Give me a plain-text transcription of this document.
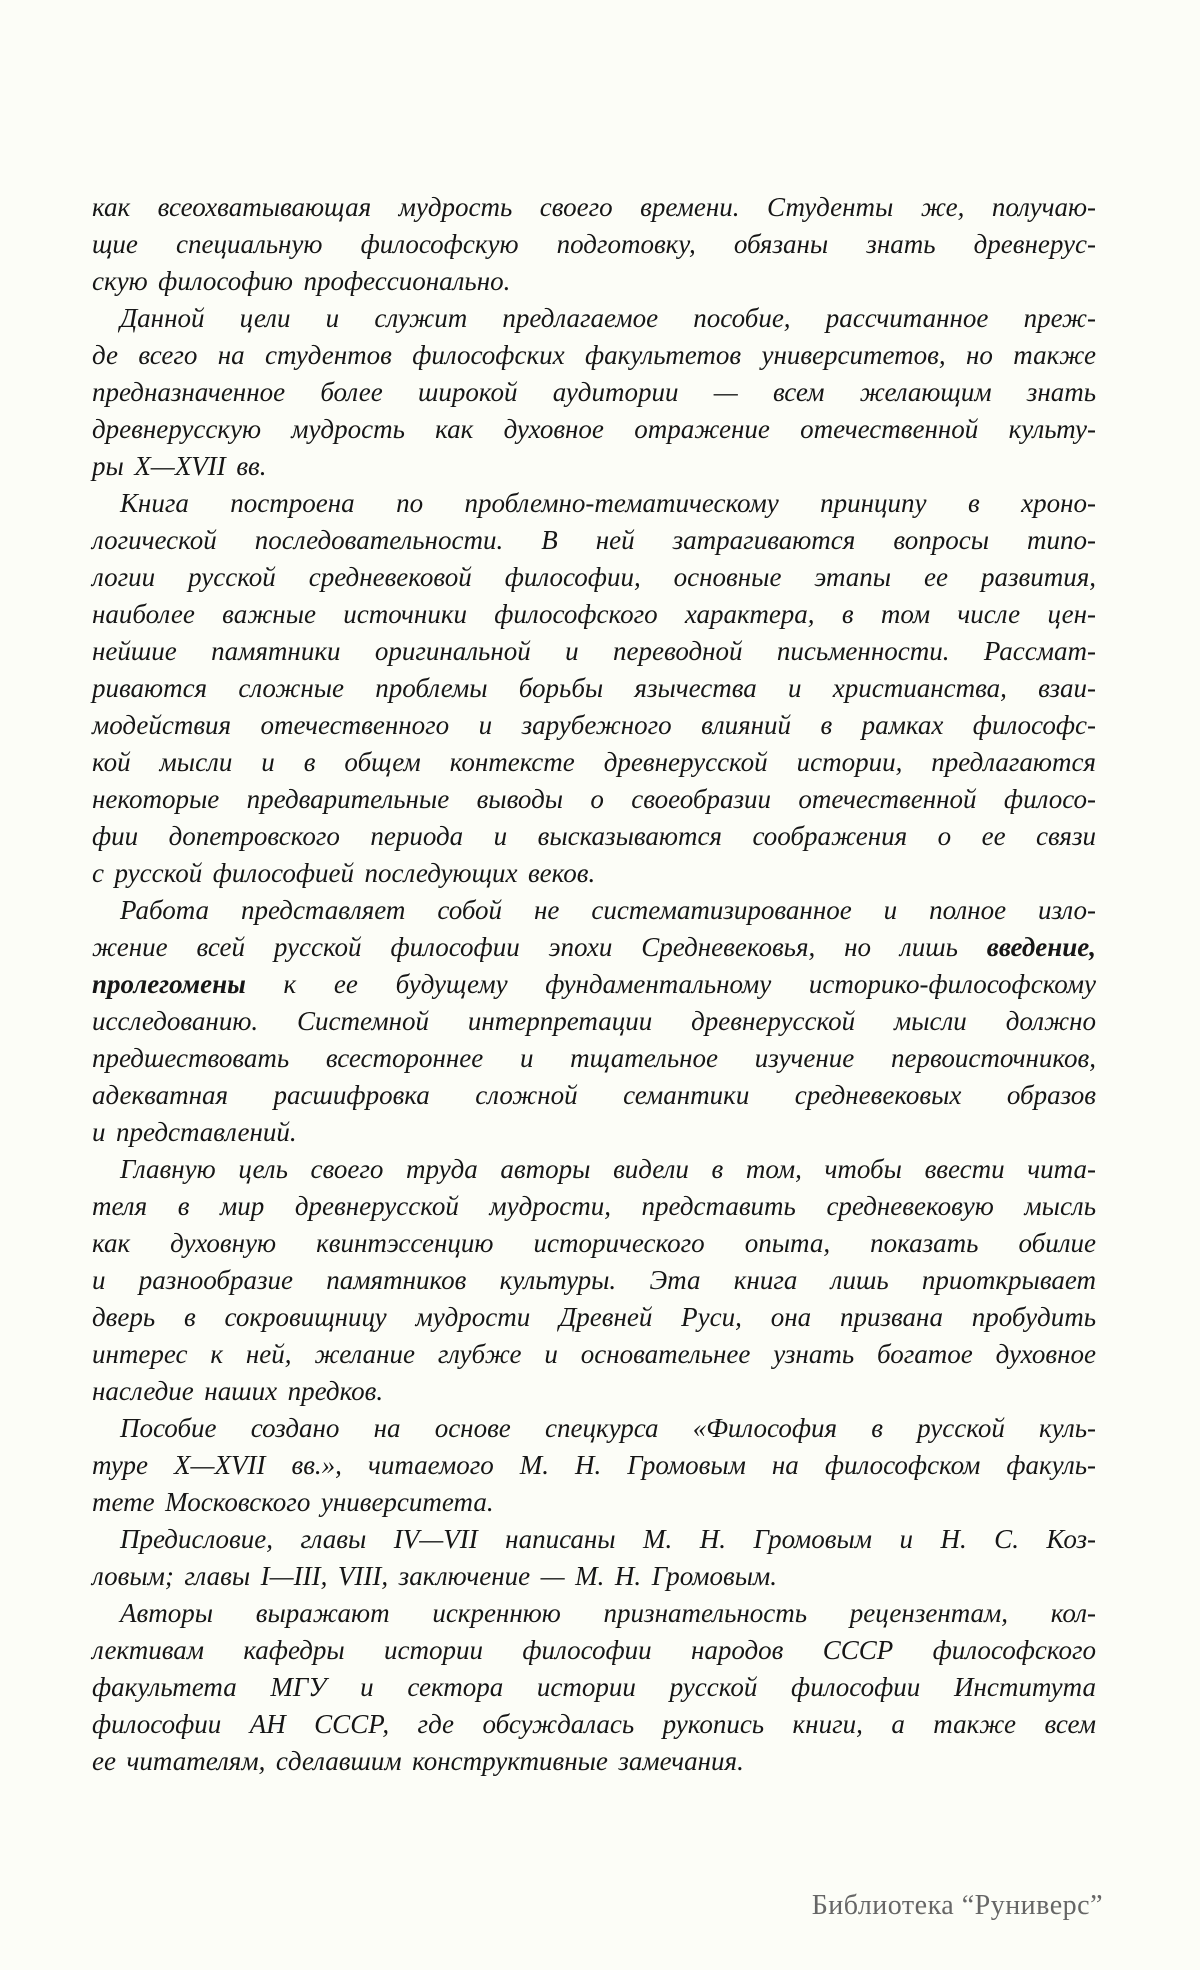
как всеохватывающая мудрость своего времени. Студенты же, получаю-
щие специальную философскую подготовку, обязаны знать древнерус-
скую философию профессионально.
Данной цели и служит предлагаемое пособие, рассчитанное преж-
де всего на студентов философских факультетов университетов, но также
предназначенное более широкой аудитории — всем желающим знать
древнерусскую мудрость как духовное отражение отечественной культу-
ры X—XVII вв.
Книга построена по проблемно-тематическому принципу в хроно-
логической последовательности. В ней затрагиваются вопросы типо-
логии русской средневековой философии, основные этапы ее развития,
наиболее важные источники философского характера, в том числе цен-
нейшие памятники оригинальной и переводной письменности. Рассмат-
риваются сложные проблемы борьбы язычества и христианства, взаи-
модействия отечественного и зарубежного влияний в рамках философс-
кой мысли и в общем контексте древнерусской истории, предлагаются
некоторые предварительные выводы о своеобразии отечественной филосо-
фии допетровского периода и высказываются соображения о ее связи
с русской философией последующих веков.
Работа представляет собой не систематизированное и полное изло-
жение всей русской философии эпохи Средневековья, но лишь введение,
пролегомены к ее будущему фундаментальному историко-философскому
исследованию. Системной интерпретации древнерусской мысли должно
предшествовать всестороннее и тщательное изучение первоисточников,
адекватная расшифровка сложной семантики средневековых образов
и представлений.
Главную цель своего труда авторы видели в том, чтобы ввести чита-
теля в мир древнерусской мудрости, представить средневековую мысль
как духовную квинтэссенцию исторического опыта, показать обилие
и разнообразие памятников культуры. Эта книга лишь приоткрывает
дверь в сокровищницу мудрости Древней Руси, она призвана пробудить
интерес к ней, желание глубже и основательнее узнать богатое духовное
наследие наших предков.
Пособие создано на основе спецкурса «Философия в русской куль-
туре X—XVII вв.», читаемого М. Н. Громовым на философском факуль-
тете Московского университета.
Предисловие, главы IV—VII написаны М. Н. Громовым и Н. С. Коз-
ловым; главы I—III, VIII, заключение — М. Н. Громовым.
Авторы выражают искреннюю признательность рецензентам, кол-
лективам кафедры истории философии народов СССР философского
факультета МГУ и сектора истории русской философии Института
философии АН СССР, где обсуждалась рукопись книги, а также всем
ее читателям, сделавшим конструктивные замечания.
Библиотека “Руниверс”
